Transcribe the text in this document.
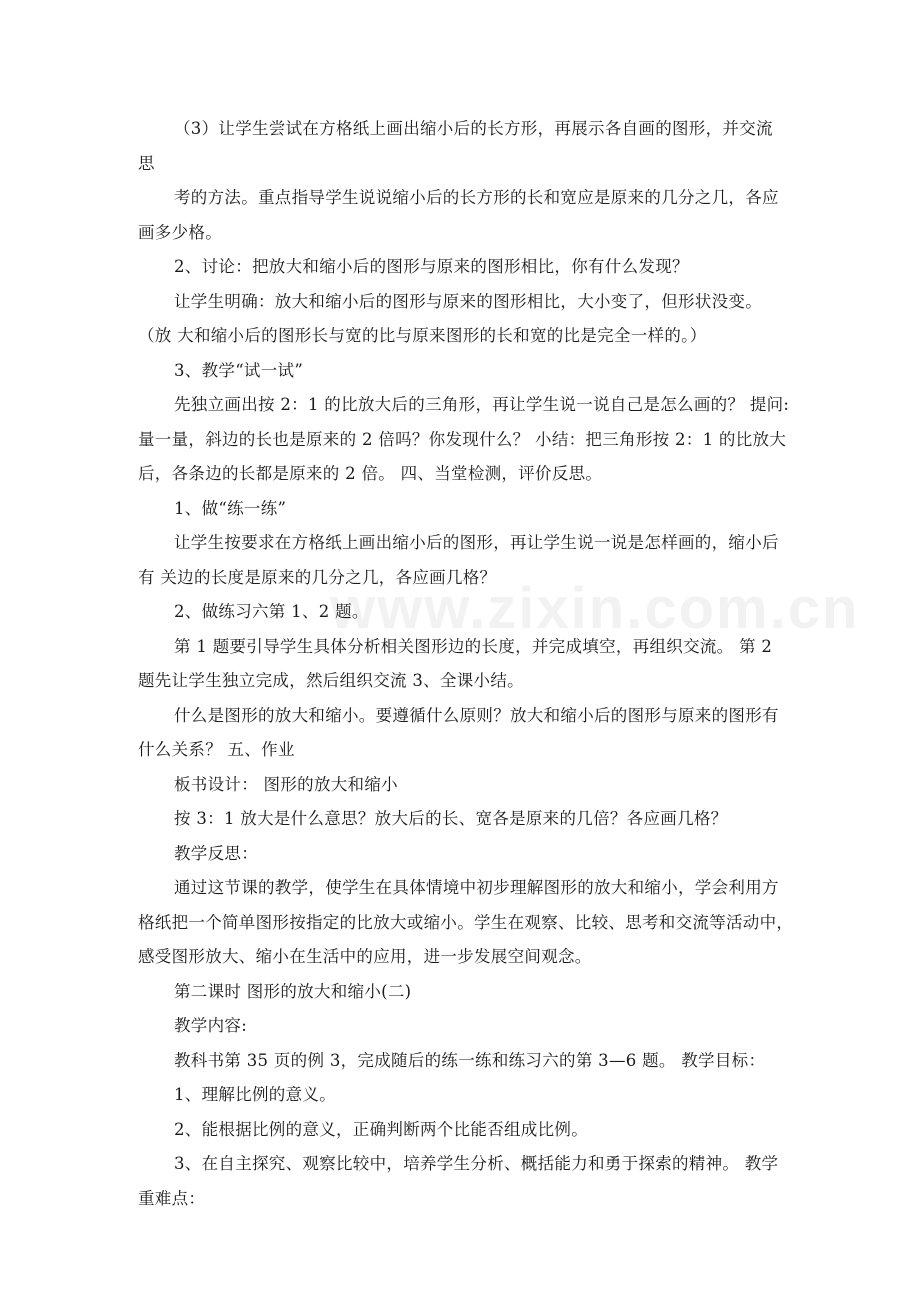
www.zixin.com.cn
（3）让学生尝试在方格纸上画出缩小后的长方形，再展示各自画的图形，并交流
思
考的方法。重点指导学生说说缩小后的长方形的长和宽应是原来的几分之几，各应
画多少格。
2、讨论：把放大和缩小后的图形与原来的图形相比，你有什么发现？
让学生明确：放大和缩小后的图形与原来的图形相比，大小变了，但形状没变。
（放 大和缩小后的图形长与宽的比与原来图形的长和宽的比是完全一样的。）
3、教学“试一试”
先独立画出按 2：1 的比放大后的三角形，再让学生说一说自己是怎么画的？ 提问:
量一量，斜边的长也是原来的 2 倍吗？你发现什么？ 小结：把三角形按 2：1 的比放大
后，各条边的长都是原来的 2 倍。 四、当堂检测，评价反思。
1、做“练一练”
让学生按要求在方格纸上画出缩小后的图形，再让学生说一说是怎样画的，缩小后
有 关边的长度是原来的几分之几，各应画几格？
2、做练习六第 1、2 题。
第 1 题要引导学生具体分析相关图形边的长度，并完成填空，再组织交流。 第 2
题先让学生独立完成，然后组织交流 3、全课小结。
什么是图形的放大和缩小。要遵循什么原则？放大和缩小后的图形与原来的图形有
什么关系？ 五、作业
板书设计： 图形的放大和缩小
按 3：1 放大是什么意思？放大后的长、宽各是原来的几倍？各应画几格？
教学反思：
通过这节课的教学，使学生在具体情境中初步理解图形的放大和缩小，学会利用方
格纸把一个简单图形按指定的比放大或缩小。学生在观察、比较、思考和交流等活动中，
感受图形放大、缩小在生活中的应用，进一步发展空间观念。
第二课时 图形的放大和缩小(二)
教学内容:
教科书第 35 页的例 3，完成随后的练一练和练习六的第 3—6 题。 教学目标：
1、理解比例的意义。
2、能根据比例的意义，正确判断两个比能否组成比例。
3、在自主探究、观察比较中，培养学生分析、概括能力和勇于探索的精神。 教学
重难点：
